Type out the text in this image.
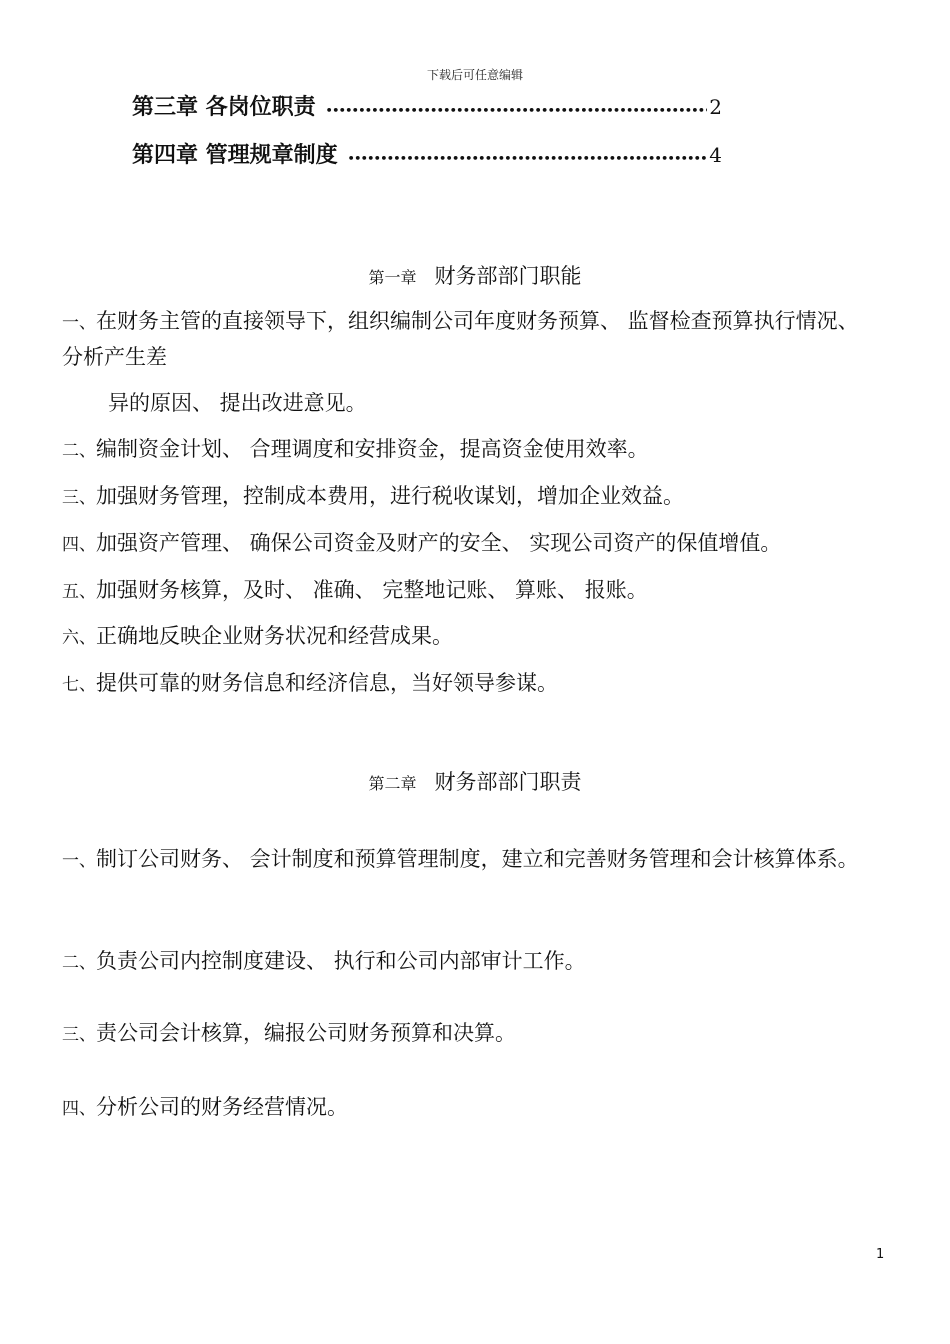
下载后可任意编辑
第三章 各岗位职责 •••••	2
第四章 管理规章制度 •••••	4
第一章 财务部部门职能
一、在财务主管的直接领导下，组织编制公司年度财务预算、 监督检查预算执行情况、 分析产生差
异的原因、 提出改进意见。
二、编制资金计划、 合理调度和安排资金，提高资金使用效率。
三、加强财务管理，控制成本费用，进行税收谋划，增加企业效益。
四、加强资产管理、 确保公司资金及财产的安全、 实现公司资产的保值增值。
五、加强财务核算，及时、 准确、 完整地记账、 算账、 报账。
六、正确地反映企业财务状况和经营成果。
七、提供可靠的财务信息和经济信息，当好领导参谋。
第二章 财务部部门职责
一、制订公司财务、 会计制度和预算管理制度，建立和完善财务管理和会计核算体系。
二、负责公司内控制度建设、 执行和公司内部审计工作。
三、责公司会计核算，编报公司财务预算和决算。
四、分析公司的财务经营情况。
1
